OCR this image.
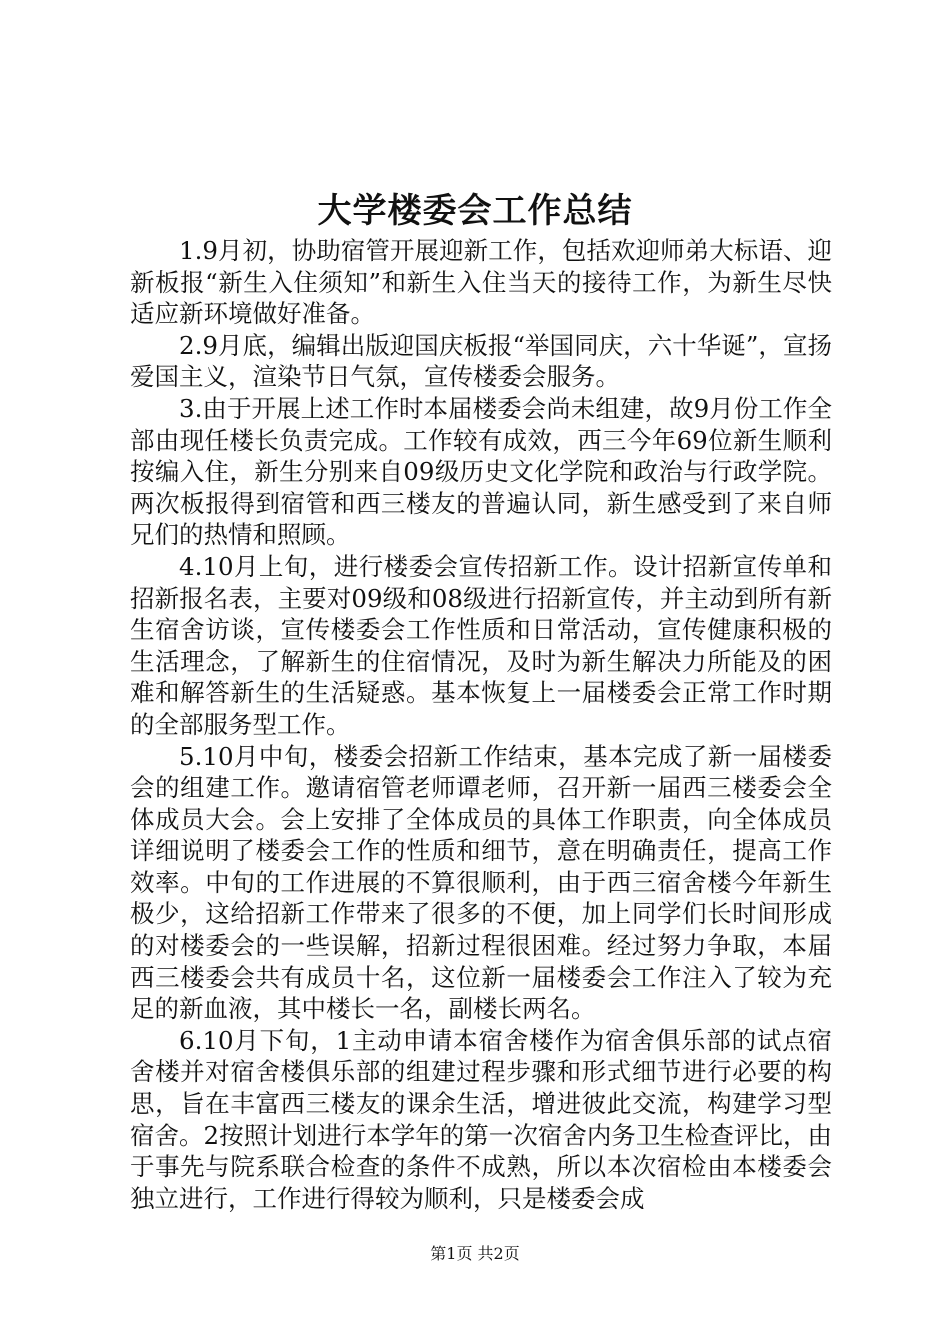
大学楼委会工作总结

1.9月初，协助宿管开展迎新工作，包括欢迎师弟大标语、迎新板报“新生入住须知”和新生入住当天的接待工作，为新生尽快适应新环境做好准备。

2.9月底，编辑出版迎国庆板报“举国同庆，六十华诞”，宣扬爱国主义，渲染节日气氛，宣传楼委会服务。

3.由于开展上述工作时本届楼委会尚未组建，故9月份工作全部由现任楼长负责完成。工作较有成效，西三今年69位新生顺利按编入住，新生分别来自09级历史文化学院和政治与行政学院。两次板报得到宿管和西三楼友的普遍认同，新生感受到了来自师兄们的热情和照顾。

4.10月上旬，进行楼委会宣传招新工作。设计招新宣传单和招新报名表，主要对09级和08级进行招新宣传，并主动到所有新生宿舍访谈，宣传楼委会工作性质和日常活动，宣传健康积极的生活理念，了解新生的住宿情况，及时为新生解决力所能及的困难和解答新生的生活疑惑。基本恢复上一届楼委会正常工作时期的全部服务型工作。

5.10月中旬，楼委会招新工作结束，基本完成了新一届楼委会的组建工作。邀请宿管老师谭老师，召开新一届西三楼委会全体成员大会。会上安排了全体成员的具体工作职责，向全体成员详细说明了楼委会工作的性质和细节，意在明确责任，提高工作效率。中旬的工作进展的不算很顺利，由于西三宿舍楼今年新生极少，这给招新工作带来了很多的不便，加上同学们长时间形成的对楼委会的一些误解，招新过程很困难。经过努力争取，本届西三楼委会共有成员十名，这位新一届楼委会工作注入了较为充足的新血液，其中楼长一名，副楼长两名。

6.10月下旬，1主动申请本宿舍楼作为宿舍俱乐部的试点宿舍楼并对宿舍楼俱乐部的组建过程步骤和形式细节进行必要的构思，旨在丰富西三楼友的课余生活，增进彼此交流，构建学习型宿舍。2按照计划进行本学年的第一次宿舍内务卫生检查评比，由于事先与院系联合检查的条件不成熟，所以本次宿检由本楼委会独立进行，工作进行得较为顺利，只是楼委会成

第1页 共2页
